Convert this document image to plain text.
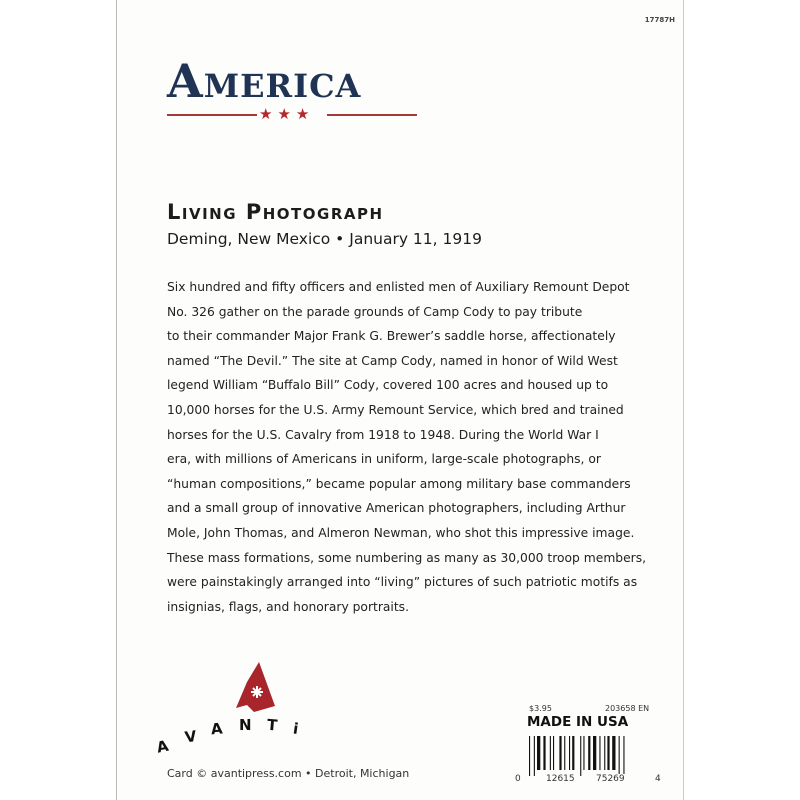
17787H
America
★★★
Living Photograph
Deming, New Mexico • January 11, 1919
Six hundred and fifty officers and enlisted men of Auxiliary Remount Depot
No. 326 gather on the parade grounds of Camp Cody to pay tribute
to their commander Major Frank G. Brewer’s saddle horse, affectionately
named “The Devil.” The site at Camp Cody, named in honor of Wild West
legend William “Buffalo Bill” Cody, covered 100 acres and housed up to
10,000 horses for the U.S. Army Remount Service, which bred and trained
horses for the U.S. Cavalry from 1918 to 1948. During the World War I
era, with millions of Americans in uniform, large-scale photographs, or
“human compositions,” became popular among military base commanders
and a small group of innovative American photographers, including Arthur
Mole, John Thomas, and Almeron Newman, who shot this impressive image.
These mass formations, some numbering as many as 30,000 troop members,
were painstakingly arranged into “living” pictures of such patriotic motifs as
insignias, flags, and honorary portraits.
A V A N T i
Card © avantipress.com • Detroit, Michigan
$3.95	203658 EN
MADE IN USA
0	12615 75269	4
